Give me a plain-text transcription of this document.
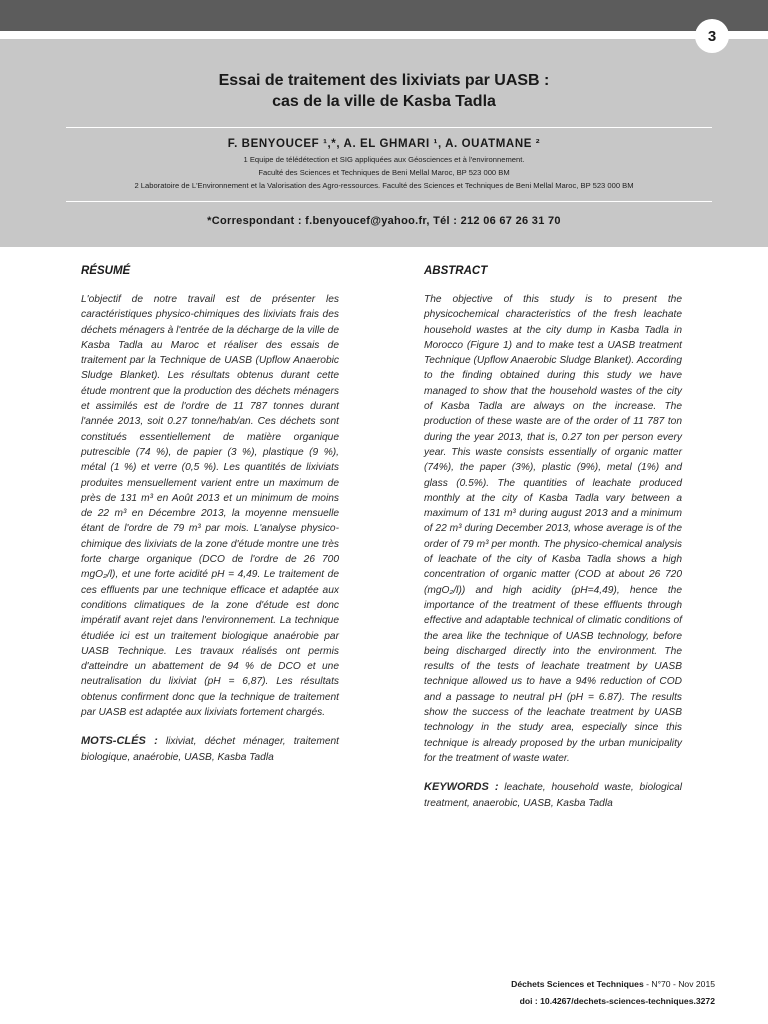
3
Essai de traitement des lixiviats par UASB :
cas de la ville de Kasba Tadla
F. BENYOUCEF ¹,*, A. EL GHMARI ¹, A. OUATMANE ²
1 Equipe de télédétection et SIG appliquées aux Géosciences et à l'environnement.
Faculté des Sciences et Techniques de Beni Mellal Maroc, BP 523 000 BM
2 Laboratoire de L'Environnement et la Valorisation des Agro-ressources. Faculté des Sciences et Techniques de Beni Mellal Maroc, BP 523 000 BM
*Correspondant : f.benyoucef@yahoo.fr, Tél : 212 06 67 26 31 70
RÉSUMÉ

L'objectif de notre travail est de présenter les caractéristiques physico-chimiques des lixiviats frais des déchets ménagers à l'entrée de la décharge de la ville de Kasba Tadla au Maroc et réaliser des essais de traitement par la Technique de UASB (Upflow Anaerobic Sludge Blanket). Les résultats obtenus durant cette étude montrent que la production des déchets ménagers et assimilés est de l'ordre de 11 787 tonnes durant l'année 2013, soit 0.27 tonne/hab/an. Ces déchets sont constitués essentiellement de matière organique putrescible (74 %), de papier (3 %), plastique (9 %), métal (1 %) et verre (0,5 %). Les quantités de lixiviats produites mensuellement varient entre un maximum de près de 131 m³ en Août 2013 et un minimum de moins de 22 m³ en Décembre 2013, la moyenne mensuelle étant de l'ordre de 79 m³ par mois. L'analyse physico-chimique des lixiviats de la zone d'étude montre une très forte charge organique (DCO de l'ordre de 26 700 mgO₂/l), et une forte acidité pH = 4,49. Le traitement de ces effluents par une technique efficace et adaptée aux conditions climatiques de la zone d'étude est donc impératif avant rejet dans l'environnement. La technique étudiée ici est un traitement biologique anaérobie par UASB Technique. Les travaux réalisés ont permis d'atteindre un abattement de 94 % de DCO et une neutralisation du lixiviat (pH = 6,87). Les résultats obtenus confirment donc que la technique de traitement par UASB est adaptée aux lixiviats fortement chargés.

MOTS-CLÉS : lixiviat, déchet ménager, traitement biologique, anaérobie, UASB, Kasba Tadla

ABSTRACT

The objective of this study is to present the physicochemical characteristics of the fresh leachate household wastes at the city dump in Kasba Tadla in Morocco (Figure 1) and to make test a UASB treatment Technique (Upflow Anaerobic Sludge Blanket). According to the finding obtained during this study we have managed to show that the household wastes of the city of Kasba Tadla are always on the increase. The production of these waste are of the order of 11 787 ton during the year 2013, that is, 0.27 ton per person every year. This waste consists essentially of organic matter (74%), the paper (3%), plastic (9%), metal (1%) and glass (0.5%). The quantities of leachate produced monthly at the city of Kasba Tadla vary between a maximum of 131 m³ during august 2013 and a minimum of 22 m³ during December 2013, whose average is of the order of 79 m³ per month. The physico-chemical analysis of leachate of the city of Kasba Tadla shows a high concentration of organic matter (COD at about 26 720 (mgO₂/l)) and high acidity (pH=4,49), hence the importance of the treatment of these effluents through effective and adaptable technical of climatic conditions of the area like the technique of UASB technology, before being discharged directly into the environment. The results of the tests of leachate treatment by UASB technique allowed us to have a 94% reduction of COD and a passage to neutral pH (pH = 6.87). The results show the success of the leachate treatment by UASB technology in the study area, especially since this technique is already proposed by the urban municipality for the treatment of waste water.

KEYWORDS : leachate, household waste, biological treatment, anaerobic, UASB, Kasba Tadla

Déchets Sciences et Techniques - N°70 - Nov 2015
doi : 10.4267/dechets-sciences-techniques.3272
